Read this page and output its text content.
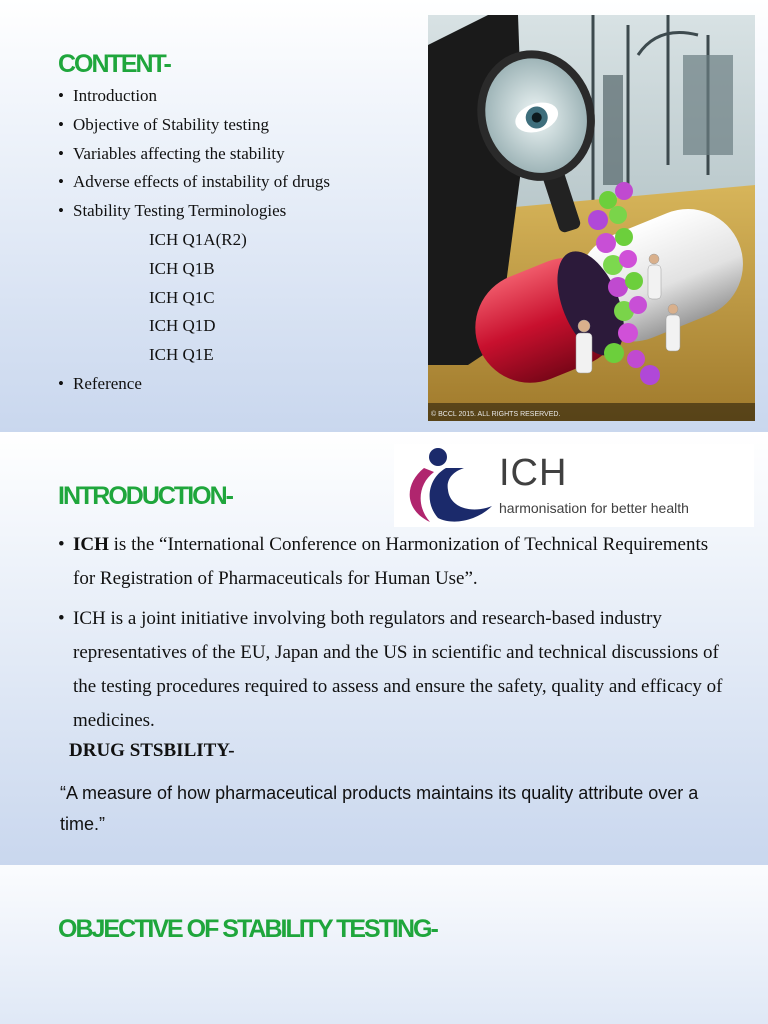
CONTENT-
• Introduction
• Objective of Stability testing
• Variables affecting the stability
• Adverse effects of instability of drugs
• Stability Testing Terminologies
ICH Q1A(R2)
ICH Q1B
ICH Q1C
ICH Q1D
ICH Q1E
• Reference
© BCCL 2015. ALL RIGHTS RESERVED.
INTRODUCTION-
ICH
harmonisation for better health
• ICH is the “International Conference on Harmonization of Technical Requirements for Registration of Pharmaceuticals for Human Use”.
• ICH is a joint initiative involving both regulators and research-based industry representatives of the EU, Japan and the US in scientific and technical discussions of the testing procedures required to assess and ensure the safety, quality and efficacy of medicines.
DRUG STSBILITY-
“A measure of how pharmaceutical products maintains its quality attribute over a time.”
OBJECTIVE OF STABILITY TESTING-
